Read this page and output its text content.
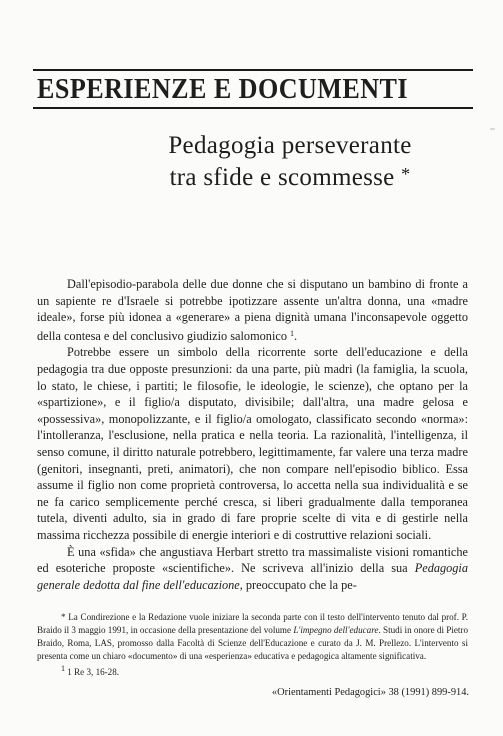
ESPERIENZE E DOCUMENTI
Pedagogia perseverante
tra sfide e scommesse *

Dall'episodio-parabola delle due donne che si disputano un bambino di fronte a un sapiente re d'Israele si potrebbe ipotizzare assente un'altra donna, una «madre ideale», forse più idonea a «generare» a piena dignità umana l'inconsapevole oggetto della contesa e del conclusivo giudizio salomonico $^1$.

Potrebbe essere un simbolo della ricorrente sorte dell'educazione e della pedagogia tra due opposte presunzioni: da una parte, più madri (la famiglia, la scuola, lo stato, le chiese, i partiti; le filosofie, le ideologie, le scienze), che optano per la «spartizione», e il figlio/a disputato, divisibile; dall'altra, una madre gelosa e «possessiva», monopolizzante, e il figlio/a omologato, classificato secondo «norma»: l'intolleranza, l'esclusione, nella pratica e nella teoria. La razionalità, l'intelligenza, il senso comune, il diritto naturale potrebbero, legittimamente, far valere una terza madre (genitori, insegnanti, preti, animatori), che non compare nell'episodio biblico. Essa assume il figlio non come proprietà controversa, lo accetta nella sua individualità e se ne fa carico semplicemente perché cresca, si liberi gradualmente dalla temporanea tutela, diventi adulto, sia in grado di fare proprie scelte di vita e di gestirle nella massima ricchezza possibile di energie interiori e di costruttive relazioni sociali.

È una «sfida» che angustiava Herbart stretto tra massimaliste visioni romantiche ed esoteriche proposte «scientifiche». Ne scriveva all'inizio della sua Pedagogia generale dedotta dal fine dell'educazione, preoccupato che la pe-

* La Condirezione e la Redazione vuole iniziare la seconda parte con il testo dell'intervento tenuto dal prof. P. Braido il 3 maggio 1991, in occasione della presentazione del volume L'impegno dell'educare. Studi in onore di Pietro Braido, Roma, LAS, promosso dalla Facoltà di Scienze dell'Educazione e curato da J. M. Prellezo. L'intervento si presenta come un chiaro «documento» di una «esperienza» educativa e pedagogica altamente significativa.

$^1$ 1 Re 3, 16-28.

«Orientamenti Pedagogici» 38 (1991) 899-914.
